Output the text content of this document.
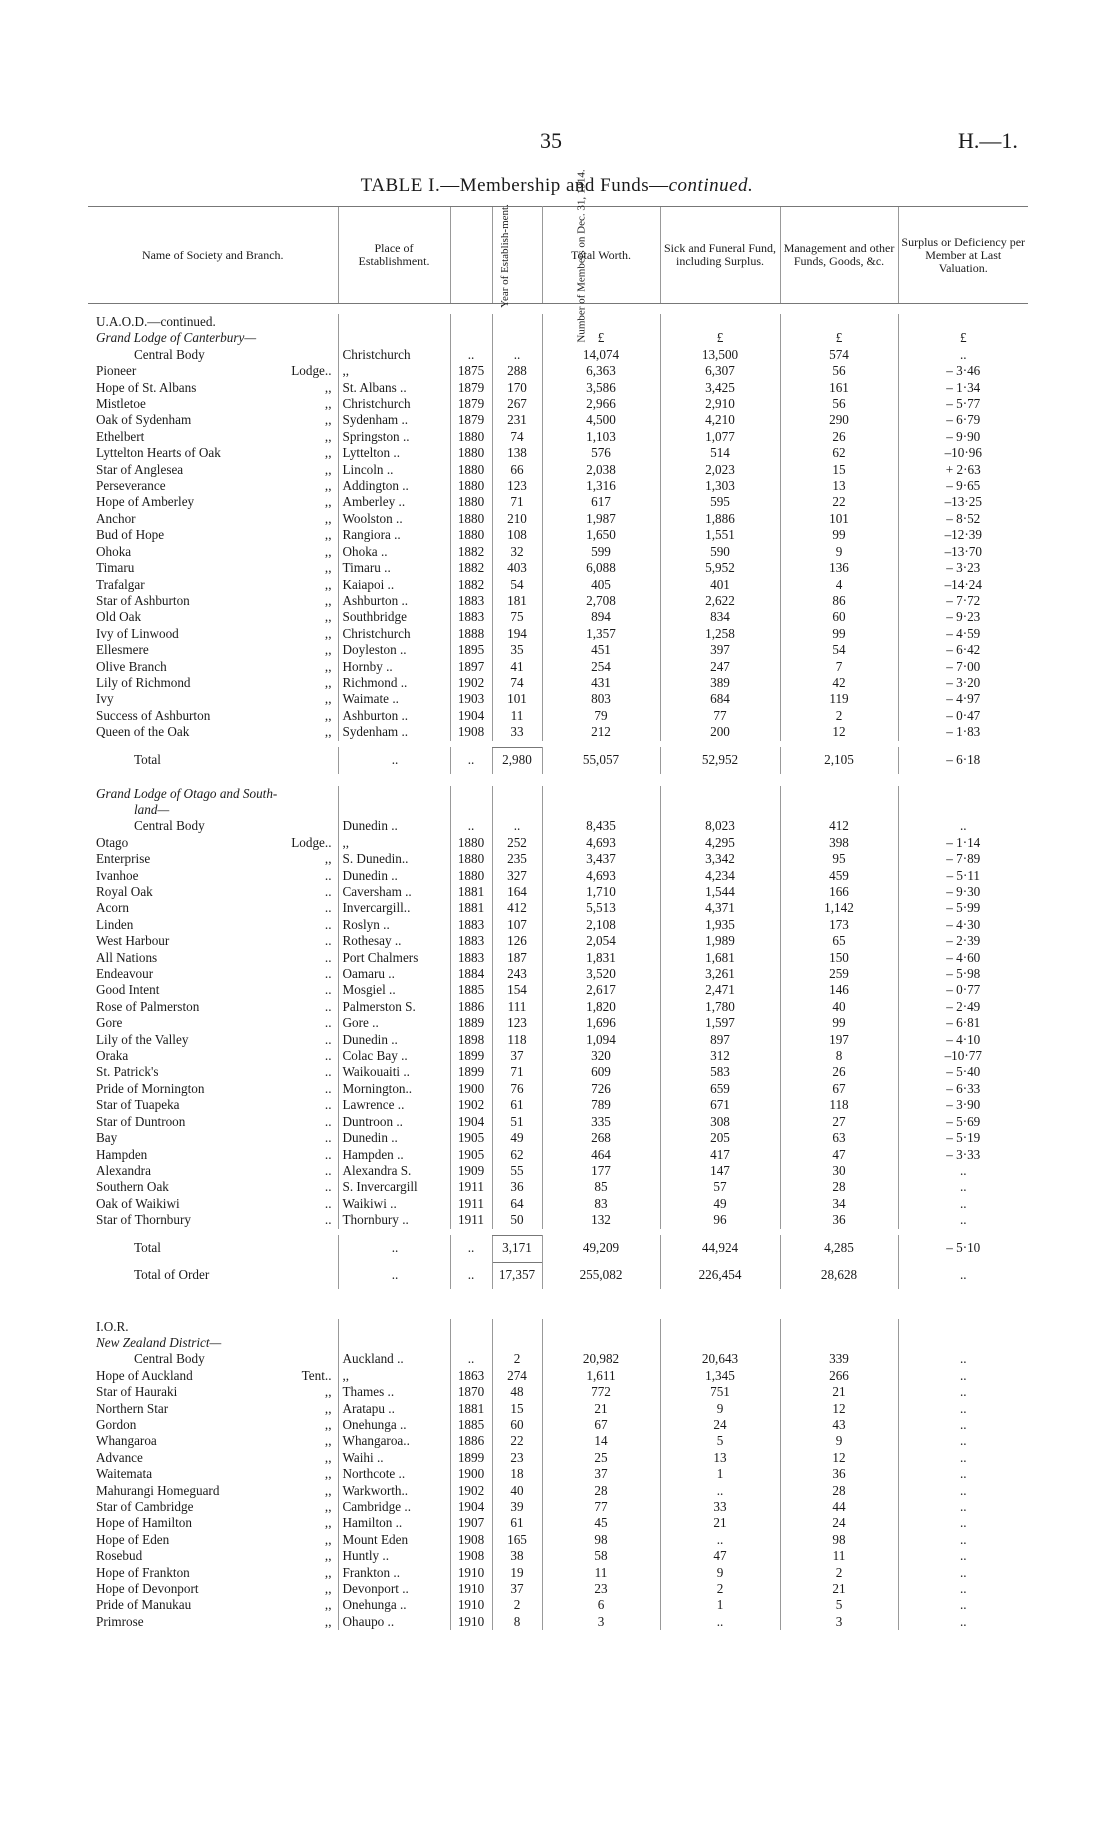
35	H.—1.
TABLE I.—Membership and Funds—continued.
Name of Society and Branch.	Place of Establishment.	Year of Establish-ment.	Number of Members on Dec. 31, 1914.	Total Worth.	Sick and Funeral Fund, including Surplus.	Management and other Funds, Goods, &c.	Surplus or Deficiency per Member at Last Valuation.

U.A.O.D.—continued.							
Grand Lodge of Canterbury—				£	£	£	£
Central Body	Christchurch	..	..	14,074	13,500	574	..
Pioneer Lodge..	,,	1875	288	6,363	6,307	56	– 3·46
Hope of St. Albans ,,	St. Albans ..	1879	170	3,586	3,425	161	– 1·34
Mistletoe ,,	Christchurch	1879	267	2,966	2,910	56	– 5·77
Oak of Sydenham ,,	Sydenham ..	1879	231	4,500	4,210	290	– 6·79
Ethelbert ,,	Springston ..	1880	74	1,103	1,077	26	– 9·90
Lyttelton Hearts of Oak ,,	Lyttelton ..	1880	138	576	514	62	–10·96
Star of Anglesea ,,	Lincoln ..	1880	66	2,038	2,023	15	+ 2·63
Perseverance ,,	Addington ..	1880	123	1,316	1,303	13	– 9·65
Hope of Amberley ,,	Amberley ..	1880	71	617	595	22	–13·25
Anchor ,,	Woolston ..	1880	210	1,987	1,886	101	– 8·52
Bud of Hope ,,	Rangiora ..	1880	108	1,650	1,551	99	–12·39
Ohoka ,,	Ohoka ..	1882	32	599	590	9	–13·70
Timaru ,,	Timaru ..	1882	403	6,088	5,952	136	– 3·23
Trafalgar ,,	Kaiapoi ..	1882	54	405	401	4	–14·24
Star of Ashburton ,,	Ashburton ..	1883	181	2,708	2,622	86	– 7·72
Old Oak ,,	Southbridge	1883	75	894	834	60	– 9·23
Ivy of Linwood ,,	Christchurch	1888	194	1,357	1,258	99	– 4·59
Ellesmere ,,	Doyleston ..	1895	35	451	397	54	– 6·42
Olive Branch ,,	Hornby ..	1897	41	254	247	7	– 7·00
Lily of Richmond ,,	Richmond ..	1902	74	431	389	42	– 3·20
Ivy ,,	Waimate ..	1903	101	803	684	119	– 4·97
Success of Ashburton ,,	Ashburton ..	1904	11	79	77	2	– 0·47
Queen of the Oak ,,	Sydenham ..	1908	33	212	200	12	– 1·83

Total	..	..	2,980	55,057	52,952	2,105	– 6·18

Grand Lodge of Otago and South-							
land—							
Central Body	Dunedin ..	..	..	8,435	8,023	412	..
Otago Lodge..	,,	1880	252	4,693	4,295	398	– 1·14
Enterprise ,,	S. Dunedin..	1880	235	3,437	3,342	95	– 7·89
Ivanhoe ..	Dunedin ..	1880	327	4,693	4,234	459	– 5·11
Royal Oak ..	Caversham ..	1881	164	1,710	1,544	166	– 9·30
Acorn ..	Invercargill..	1881	412	5,513	4,371	1,142	– 5·99
Linden ..	Roslyn ..	1883	107	2,108	1,935	173	– 4·30
West Harbour ..	Rothesay ..	1883	126	2,054	1,989	65	– 2·39
All Nations ..	Port Chalmers	1883	187	1,831	1,681	150	– 4·60
Endeavour ..	Oamaru ..	1884	243	3,520	3,261	259	– 5·98
Good Intent ..	Mosgiel ..	1885	154	2,617	2,471	146	– 0·77
Rose of Palmerston ..	Palmerston S.	1886	111	1,820	1,780	40	– 2·49
Gore ..	Gore ..	1889	123	1,696	1,597	99	– 6·81
Lily of the Valley ..	Dunedin ..	1898	118	1,094	897	197	– 4·10
Oraka ..	Colac Bay ..	1899	37	320	312	8	–10·77
St. Patrick's ..	Waikouaiti ..	1899	71	609	583	26	– 5·40
Pride of Mornington ..	Mornington..	1900	76	726	659	67	– 6·33
Star of Tuapeka ..	Lawrence ..	1902	61	789	671	118	– 3·90
Star of Duntroon ..	Duntroon ..	1904	51	335	308	27	– 5·69
Bay ..	Dunedin ..	1905	49	268	205	63	– 5·19
Hampden ..	Hampden ..	1905	62	464	417	47	– 3·33
Alexandra ..	Alexandra S.	1909	55	177	147	30	..
Southern Oak ..	S. Invercargill	1911	36	85	57	28	..
Oak of Waikiwi ..	Waikiwi ..	1911	64	83	49	34	..
Star of Thornbury ..	Thornbury ..	1911	50	132	96	36	..

Total	..	..	3,171	49,209	44,924	4,285	– 5·10
Total of Order	..	..	17,357	255,082	226,454	28,628	..

I.O.R.							
New Zealand District—							
Central Body	Auckland ..	..	2	20,982	20,643	339	..
Hope of Auckland Tent..	,,	1863	274	1,611	1,345	266	..
Star of Hauraki ,,	Thames ..	1870	48	772	751	21	..
Northern Star ,,	Aratapu ..	1881	15	21	9	12	..
Gordon ,,	Onehunga ..	1885	60	67	24	43	..
Whangaroa ,,	Whangaroa..	1886	22	14	5	9	..
Advance ,,	Waihi ..	1899	23	25	13	12	..
Waitemata ,,	Northcote ..	1900	18	37	1	36	..
Mahurangi Homeguard ,,	Warkworth..	1902	40	28	..	28	..
Star of Cambridge ,,	Cambridge ..	1904	39	77	33	44	..
Hope of Hamilton ,,	Hamilton ..	1907	61	45	21	24	..
Hope of Eden ,,	Mount Eden	1908	165	98	..	98	..
Rosebud ,,	Huntly ..	1908	38	58	47	11	..
Hope of Frankton ,,	Frankton ..	1910	19	11	9	2	..
Hope of Devonport ,,	Devonport ..	1910	37	23	2	21	..
Pride of Manukau ,,	Onehunga ..	1910	2	6	1	5	..
Primrose ,,	Ohaupo ..	1910	8	3	..	3	..
